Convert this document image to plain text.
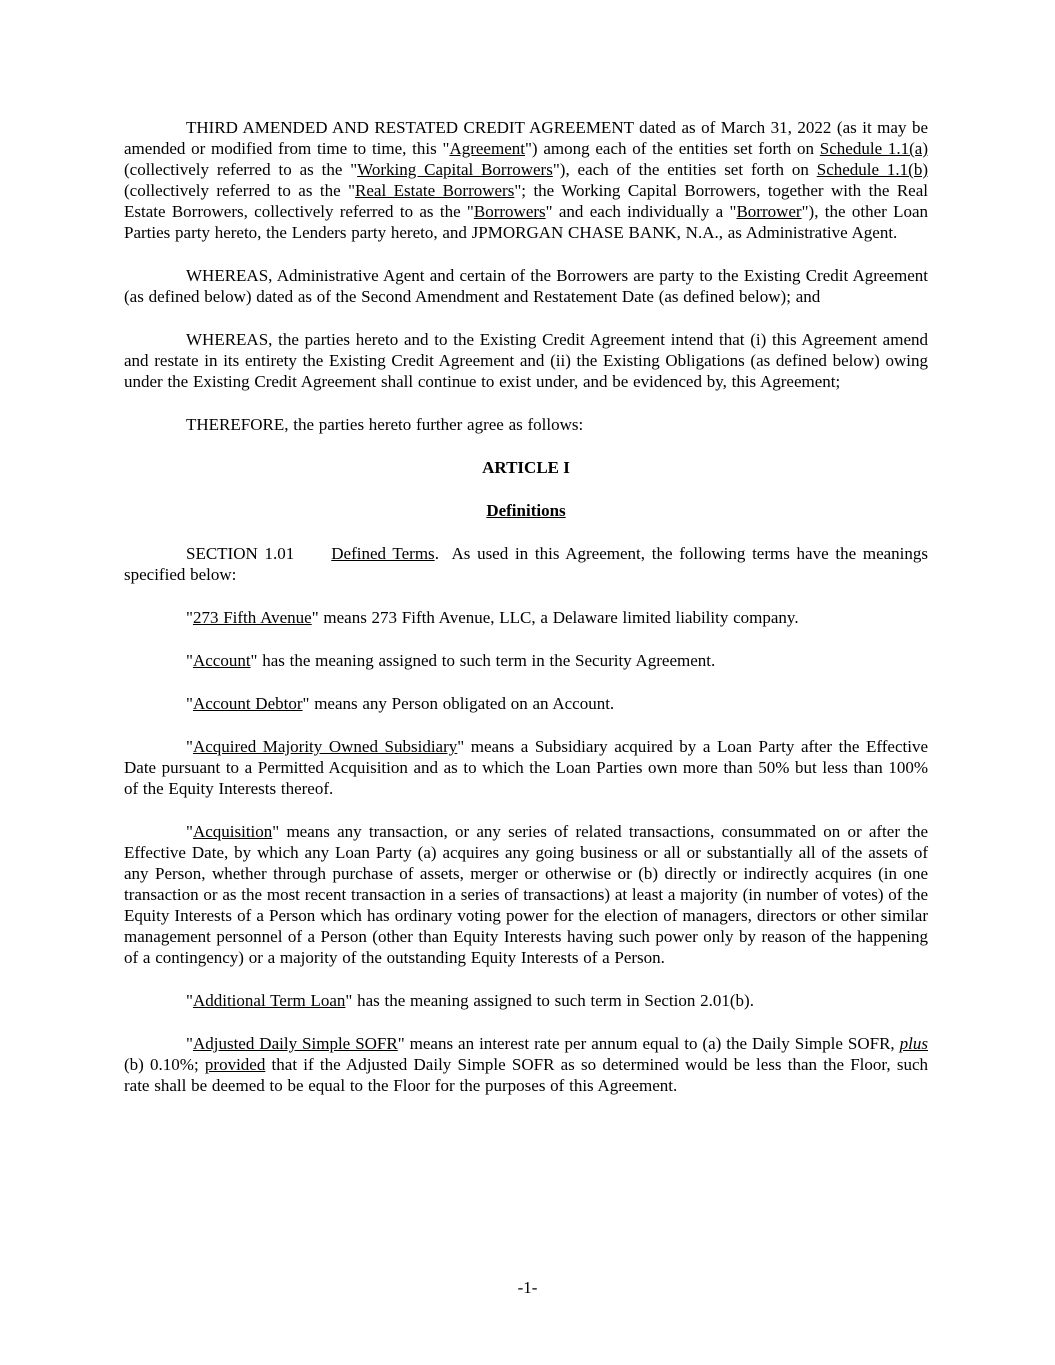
THIRD AMENDED AND RESTATED CREDIT AGREEMENT dated as of March 31, 2022 (as it may be amended or modified from time to time, this "Agreement") among each of the entities set forth on Schedule 1.1(a) (collectively referred to as the "Working Capital Borrowers"), each of the entities set forth on Schedule 1.1(b) (collectively referred to as the "Real Estate Borrowers"; the Working Capital Borrowers, together with the Real Estate Borrowers, collectively referred to as the "Borrowers" and each individually a "Borrower"), the other Loan Parties party hereto, the Lenders party hereto, and JPMORGAN CHASE BANK, N.A., as Administrative Agent.

WHEREAS, Administrative Agent and certain of the Borrowers are party to the Existing Credit Agreement (as defined below) dated as of the Second Amendment and Restatement Date (as defined below); and

WHEREAS, the parties hereto and to the Existing Credit Agreement intend that (i) this Agreement amend and restate in its entirety the Existing Credit Agreement and (ii) the Existing Obligations (as defined below) owing under the Existing Credit Agreement shall continue to exist under, and be evidenced by, this Agreement;

THEREFORE, the parties hereto further agree as follows:

ARTICLE I

Definitions

SECTION 1.01 Defined Terms.  As used in this Agreement, the following terms have the meanings specified below:

"273 Fifth Avenue" means 273 Fifth Avenue, LLC, a Delaware limited liability company.

"Account" has the meaning assigned to such term in the Security Agreement.

"Account Debtor" means any Person obligated on an Account.

"Acquired Majority Owned Subsidiary" means a Subsidiary acquired by a Loan Party after the Effective Date pursuant to a Permitted Acquisition and as to which the Loan Parties own more than 50% but less than 100% of the Equity Interests thereof.

"Acquisition" means any transaction, or any series of related transactions, consummated on or after the Effective Date, by which any Loan Party (a) acquires any going business or all or substantially all of the assets of any Person, whether through purchase of assets, merger or otherwise or (b) directly or indirectly acquires (in one transaction or as the most recent transaction in a series of transactions) at least a majority (in number of votes) of the Equity Interests of a Person which has ordinary voting power for the election of managers, directors or other similar management personnel of a Person (other than Equity Interests having such power only by reason of the happening of a contingency) or a majority of the outstanding Equity Interests of a Person.

"Additional Term Loan" has the meaning assigned to such term in Section 2.01(b).

"Adjusted Daily Simple SOFR" means an interest rate per annum equal to (a) the Daily Simple SOFR, plus (b) 0.10%; provided that if the Adjusted Daily Simple SOFR as so determined would be less than the Floor, such rate shall be deemed to be equal to the Floor for the purposes of this Agreement.

-1-
